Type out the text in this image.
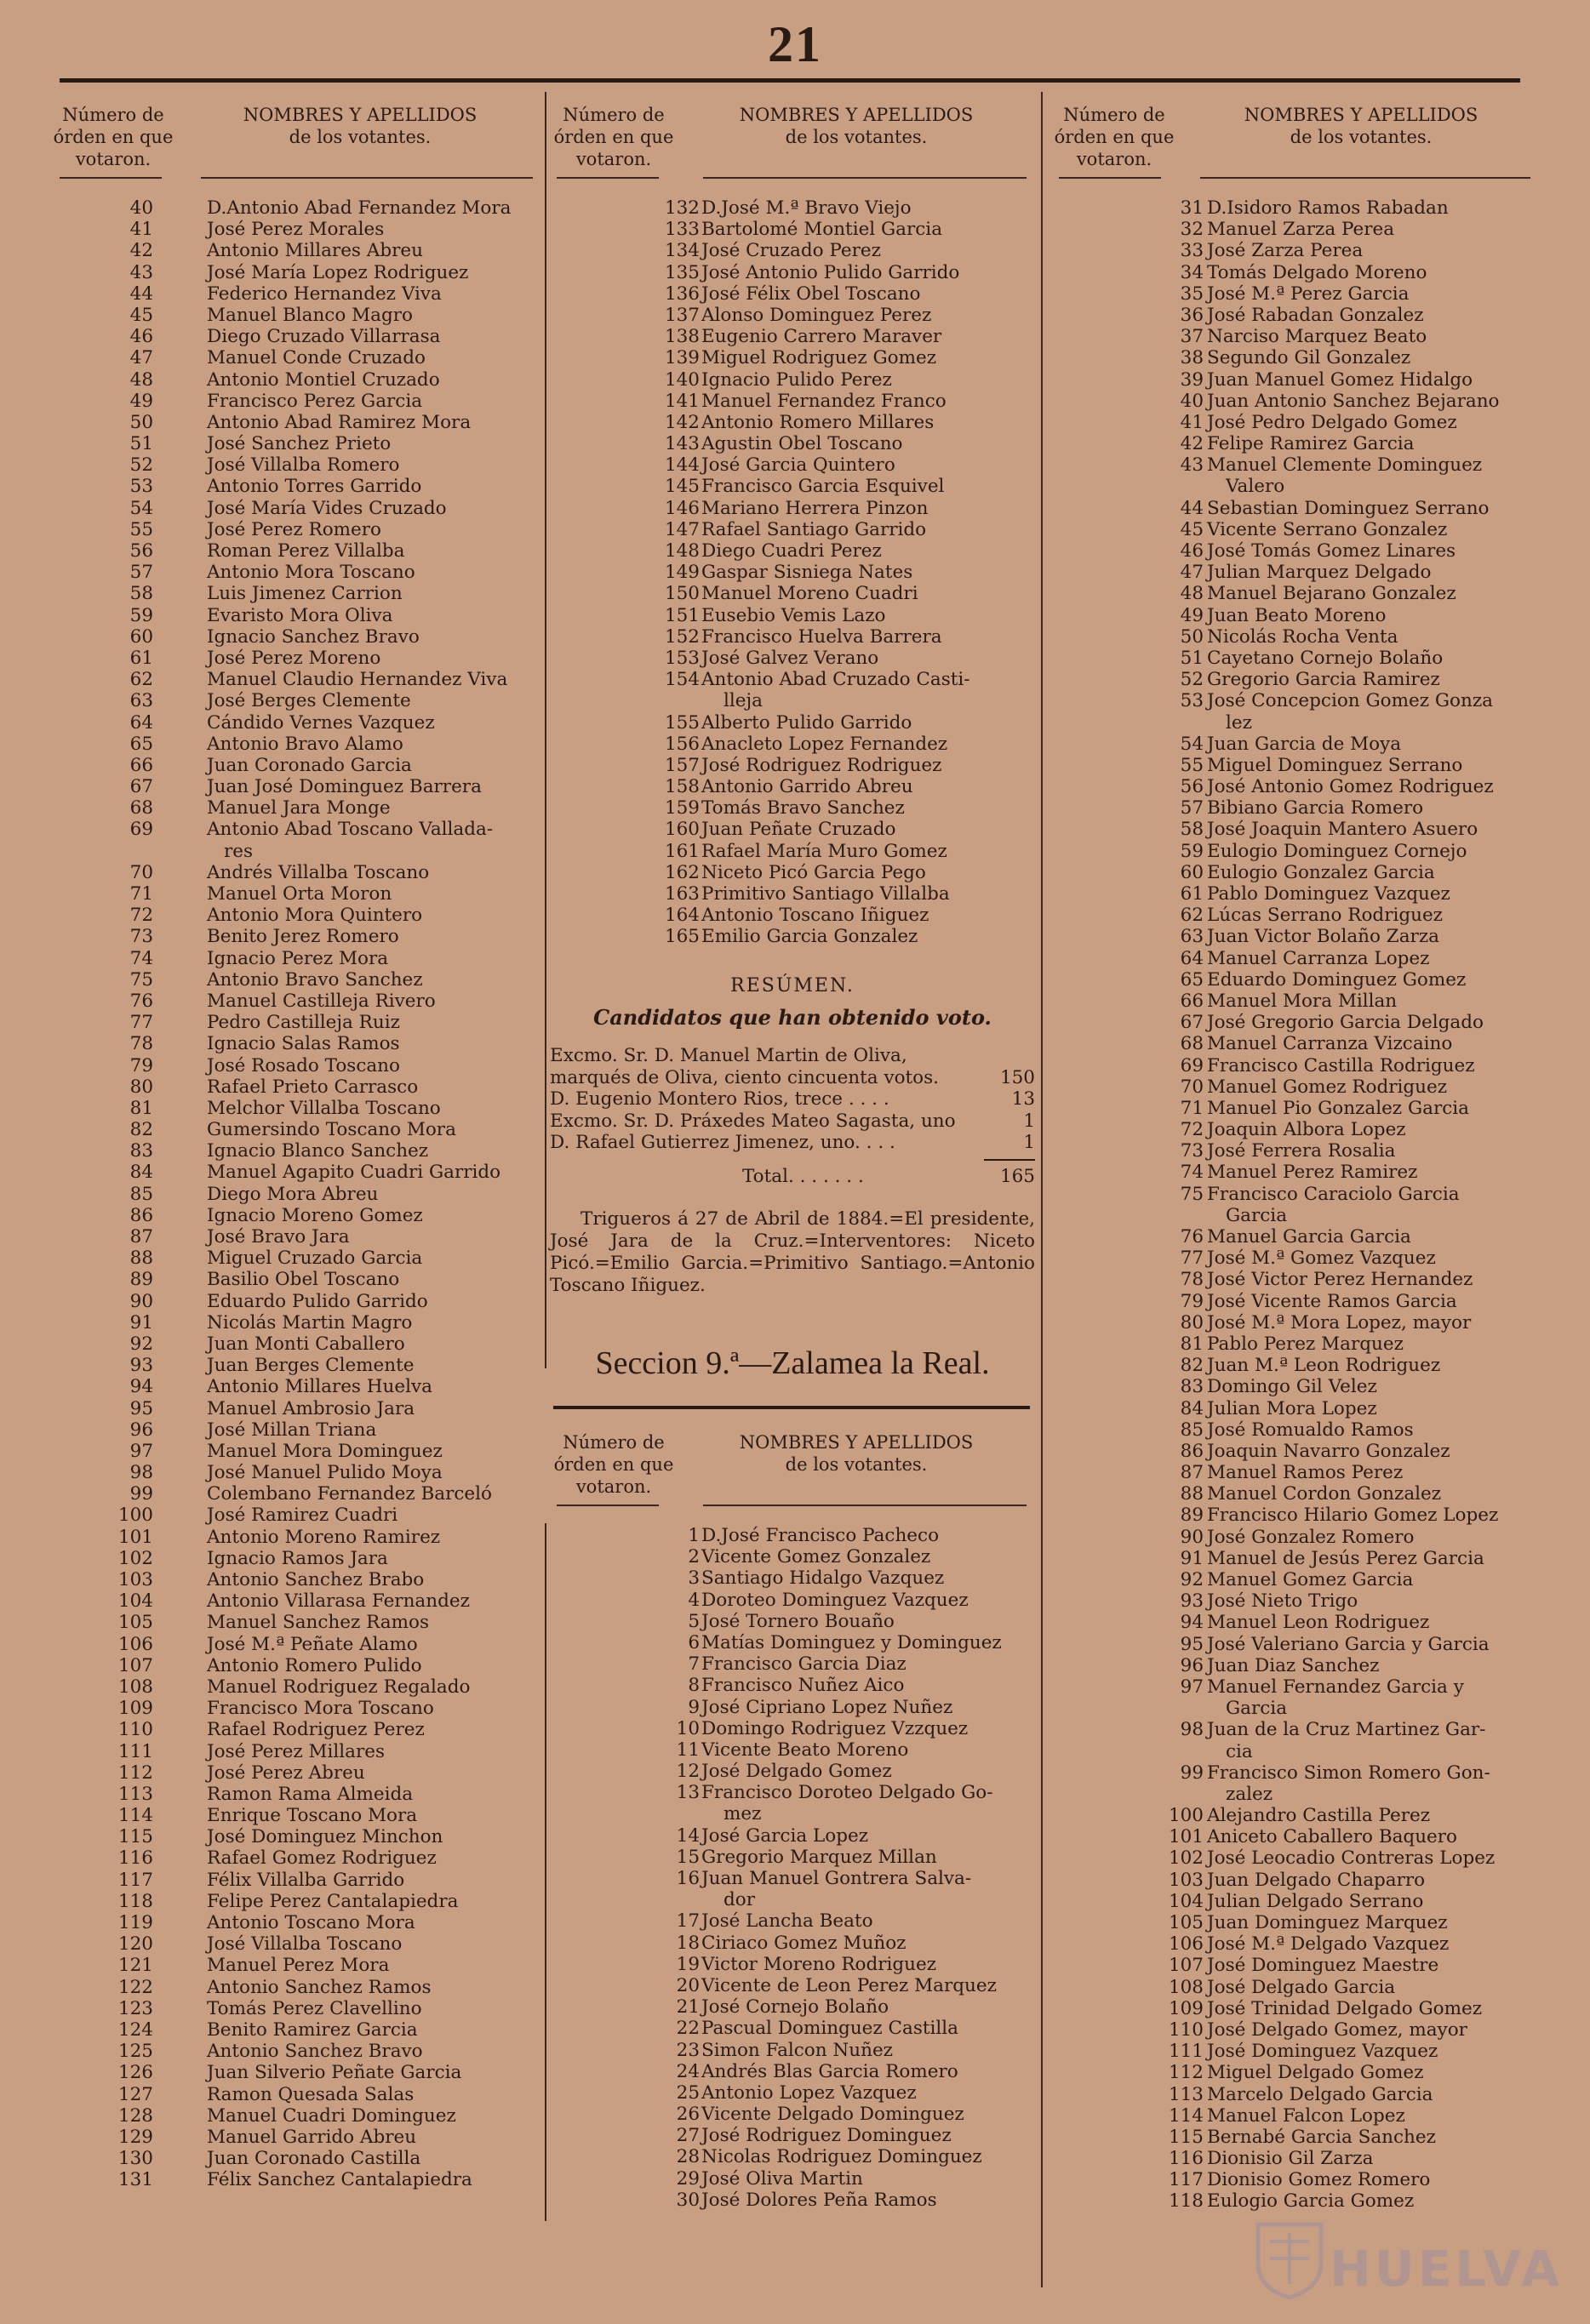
21
Número de
órden en que
votaron.
NOMBRES Y APELLIDOS
de los votantes.
40	D.Antonio Abad Fernandez Mora
41	José Perez Morales
42	Antonio Millares Abreu
43	José María Lopez Rodriguez
44	Federico Hernandez Viva
45	Manuel Blanco Magro
46	Diego Cruzado Villarrasa
47	Manuel Conde Cruzado
48	Antonio Montiel Cruzado
49	Francisco Perez Garcia
50	Antonio Abad Ramirez Mora
51	José Sanchez Prieto
52	José Villalba Romero
53	Antonio Torres Garrido
54	José María Vides Cruzado
55	José Perez Romero
56	Roman Perez Villalba
57	Antonio Mora Toscano
58	Luis Jimenez Carrion
59	Evaristo Mora Oliva
60	Ignacio Sanchez Bravo
61	José Perez Moreno
62	Manuel Claudio Hernandez Viva
63	José Berges Clemente
64	Cándido Vernes Vazquez
65	Antonio Bravo Alamo
66	Juan Coronado Garcia
67	Juan José Dominguez Barrera
68	Manuel Jara Monge
69	Antonio Abad Toscano Vallada-
res
70	Andrés Villalba Toscano
71	Manuel Orta Moron
72	Antonio Mora Quintero
73	Benito Jerez Romero
74	Ignacio Perez Mora
75	Antonio Bravo Sanchez
76	Manuel Castilleja Rivero
77	Pedro Castilleja Ruiz
78	Ignacio Salas Ramos
79	José Rosado Toscano
80	Rafael Prieto Carrasco
81	Melchor Villalba Toscano
82	Gumersindo Toscano Mora
83	Ignacio Blanco Sanchez
84	Manuel Agapito Cuadri Garrido
85	Diego Mora Abreu
86	Ignacio Moreno Gomez
87	José Bravo Jara
88	Miguel Cruzado Garcia
89	Basilio Obel Toscano
90	Eduardo Pulido Garrido
91	Nicolás Martin Magro
92	Juan Monti Caballero
93	Juan Berges Clemente
94	Antonio Millares Huelva
95	Manuel Ambrosio Jara
96	José Millan Triana
97	Manuel Mora Dominguez
98	José Manuel Pulido Moya
99	Colembano Fernandez Barceló
100	José Ramirez Cuadri
101	Antonio Moreno Ramirez
102	Ignacio Ramos Jara
103	Antonio Sanchez Brabo
104	Antonio Villarasa Fernandez
105	Manuel Sanchez Ramos
106	José M.ª Peñate Alamo
107	Antonio Romero Pulido
108	Manuel Rodriguez Regalado
109	Francisco Mora Toscano
110	Rafael Rodriguez Perez
111	José Perez Millares
112	José Perez Abreu
113	Ramon Rama Almeida
114	Enrique Toscano Mora
115	José Dominguez Minchon
116	Rafael Gomez Rodriguez
117	Félix Villalba Garrido
118	Felipe Perez Cantalapiedra
119	Antonio Toscano Mora
120	José Villalba Toscano
121	Manuel Perez Mora
122	Antonio Sanchez Ramos
123	Tomás Perez Clavellino
124	Benito Ramirez Garcia
125	Antonio Sanchez Bravo
126	Juan Silverio Peñate Garcia
127	Ramon Quesada Salas
128	Manuel Cuadri Dominguez
129	Manuel Garrido Abreu
130	Juan Coronado Castilla
131	Félix Sanchez Cantalapiedra
Número de
órden en que
votaron.
NOMBRES Y APELLIDOS
de los votantes.
132 D.José M.ª Bravo Viejo
133 Bartolomé Montiel Garcia
134 José Cruzado Perez
135 José Antonio Pulido Garrido
136 José Félix Obel Toscano
137 Alonso Dominguez Perez
138 Eugenio Carrero Maraver
139 Miguel Rodriguez Gomez
140 Ignacio Pulido Perez
141 Manuel Fernandez Franco
142 Antonio Romero Millares
143 Agustin Obel Toscano
144 José Garcia Quintero
145 Francisco Garcia Esquivel
146 Mariano Herrera Pinzon
147 Rafael Santiago Garrido
148 Diego Cuadri Perez
149 Gaspar Sisniega Nates
150 Manuel Moreno Cuadri
151 Eusebio Vemis Lazo
152 Francisco Huelva Barrera
153 José Galvez Verano
154 Antonio Abad Cruzado Casti-
lleja
155 Alberto Pulido Garrido
156 Anacleto Lopez Fernandez
157 José Rodriguez Rodriguez
158 Antonio Garrido Abreu
159 Tomás Bravo Sanchez
160 Juan Peñate Cruzado
161 Rafael María Muro Gomez
162 Niceto Picó Garcia Pego
163 Primitivo Santiago Villalba
164 Antonio Toscano Iñiguez
165 Emilio Garcia Gonzalez
RESÚMEN.
Candidatos que han obtenido voto.
Excmo. Sr. D. Manuel Martin de Oliva,
marqués de Oliva, ciento cincuenta votos.	150
D. Eugenio Montero Rios, trece . . . .	13
Excmo. Sr. D. Práxedes Mateo Sagasta, uno	1
D. Rafael Gutierrez Jimenez, uno. . . .	1
Total. . . . . . .	165
Trigueros á 27 de Abril de 1884.=El presidente, José Jara de la Cruz.=Interventores: Niceto Picó.=Emilio Garcia.=Primitivo Santiago.=Antonio Toscano Iñiguez.
Seccion 9.ª—Zalamea la Real.
Número de
órden en que
votaron.
NOMBRES Y APELLIDOS
de los votantes.
1 D.José Francisco Pacheco
2 Vicente Gomez Gonzalez
3 Santiago Hidalgo Vazquez
4 Doroteo Dominguez Vazquez
5 José Tornero Bouaño
6 Matías Dominguez y Dominguez
7 Francisco Garcia Diaz
8 Francisco Nuñez Aico
9 José Cipriano Lopez Nuñez
10 Domingo Rodriguez Vzzquez
11 Vicente Beato Moreno
12 José Delgado Gomez
13 Francisco Doroteo Delgado Go-
mez
14 José Garcia Lopez
15 Gregorio Marquez Millan
16 Juan Manuel Gontrera Salva-
dor
17 José Lancha Beato
18 Ciriaco Gomez Muñoz
19 Victor Moreno Rodriguez
20 Vicente de Leon Perez Marquez
21 José Cornejo Bolaño
22 Pascual Dominguez Castilla
23 Simon Falcon Nuñez
24 Andrés Blas Garcia Romero
25 Antonio Lopez Vazquez
26 Vicente Delgado Dominguez
27 José Rodriguez Dominguez
28 Nicolas Rodriguez Dominguez
29 José Oliva Martin
30 José Dolores Peña Ramos
Número de
órden en que
votaron.
NOMBRES Y APELLIDOS
de los votantes.
31 D.Isidoro Ramos Rabadan
32 Manuel Zarza Perea
33 José Zarza Perea
34 Tomás Delgado Moreno
35 José M.ª Perez Garcia
36 José Rabadan Gonzalez
37 Narciso Marquez Beato
38 Segundo Gil Gonzalez
39 Juan Manuel Gomez Hidalgo
40 Juan Antonio Sanchez Bejarano
41 José Pedro Delgado Gomez
42 Felipe Ramirez Garcia
43 Manuel Clemente Dominguez
Valero
44 Sebastian Dominguez Serrano
45 Vicente Serrano Gonzalez
46 José Tomás Gomez Linares
47 Julian Marquez Delgado
48 Manuel Bejarano Gonzalez
49 Juan Beato Moreno
50 Nicolás Rocha Venta
51 Cayetano Cornejo Bolaño
52 Gregorio Garcia Ramirez
53 José Concepcion Gomez Gonza
lez
54 Juan Garcia de Moya
55 Miguel Dominguez Serrano
56 José Antonio Gomez Rodriguez
57 Bibiano Garcia Romero
58 José Joaquin Mantero Asuero
59 Eulogio Dominguez Cornejo
60 Eulogio Gonzalez Garcia
61 Pablo Dominguez Vazquez
62 Lúcas Serrano Rodriguez
63 Juan Victor Bolaño Zarza
64 Manuel Carranza Lopez
65 Eduardo Dominguez Gomez
66 Manuel Mora Millan
67 José Gregorio Garcia Delgado
68 Manuel Carranza Vizcaino
69 Francisco Castilla Rodriguez
70 Manuel Gomez Rodriguez
71 Manuel Pio Gonzalez Garcia
72 Joaquin Albora Lopez
73 José Ferrera Rosalia
74 Manuel Perez Ramirez
75 Francisco Caraciolo Garcia
Garcia
76 Manuel Garcia Garcia
77 José M.ª Gomez Vazquez
78 José Victor Perez Hernandez
79 José Vicente Ramos Garcia
80 José M.ª Mora Lopez, mayor
81 Pablo Perez Marquez
82 Juan M.ª Leon Rodriguez
83 Domingo Gil Velez
84 Julian Mora Lopez
85 José Romualdo Ramos
86 Joaquin Navarro Gonzalez
87 Manuel Ramos Perez
88 Manuel Cordon Gonzalez
89 Francisco Hilario Gomez Lopez
90 José Gonzalez Romero
91 Manuel de Jesús Perez Garcia
92 Manuel Gomez Garcia
93 José Nieto Trigo
94 Manuel Leon Rodriguez
95 José Valeriano Garcia y Garcia
96 Juan Diaz Sanchez
97 Manuel Fernandez Garcia y
Garcia
98 Juan de la Cruz Martinez Gar-
cia
99 Francisco Simon Romero Gon-
zalez
100 Alejandro Castilla Perez
101 Aniceto Caballero Baquero
102 José Leocadio Contreras Lopez
103 Juan Delgado Chaparro
104 Julian Delgado Serrano
105 Juan Dominguez Marquez
106 José M.ª Delgado Vazquez
107 José Dominguez Maestre
108 José Delgado Garcia
109 José Trinidad Delgado Gomez
110 José Delgado Gomez, mayor
111 José Dominguez Vazquez
112 Miguel Delgado Gomez
113 Marcelo Delgado Garcia
114 Manuel Falcon Lopez
115 Bernabé Garcia Sanchez
116 Dionisio Gil Zarza
117 Dionisio Gomez Romero
118 Eulogio Garcia Gomez
HUELVA
